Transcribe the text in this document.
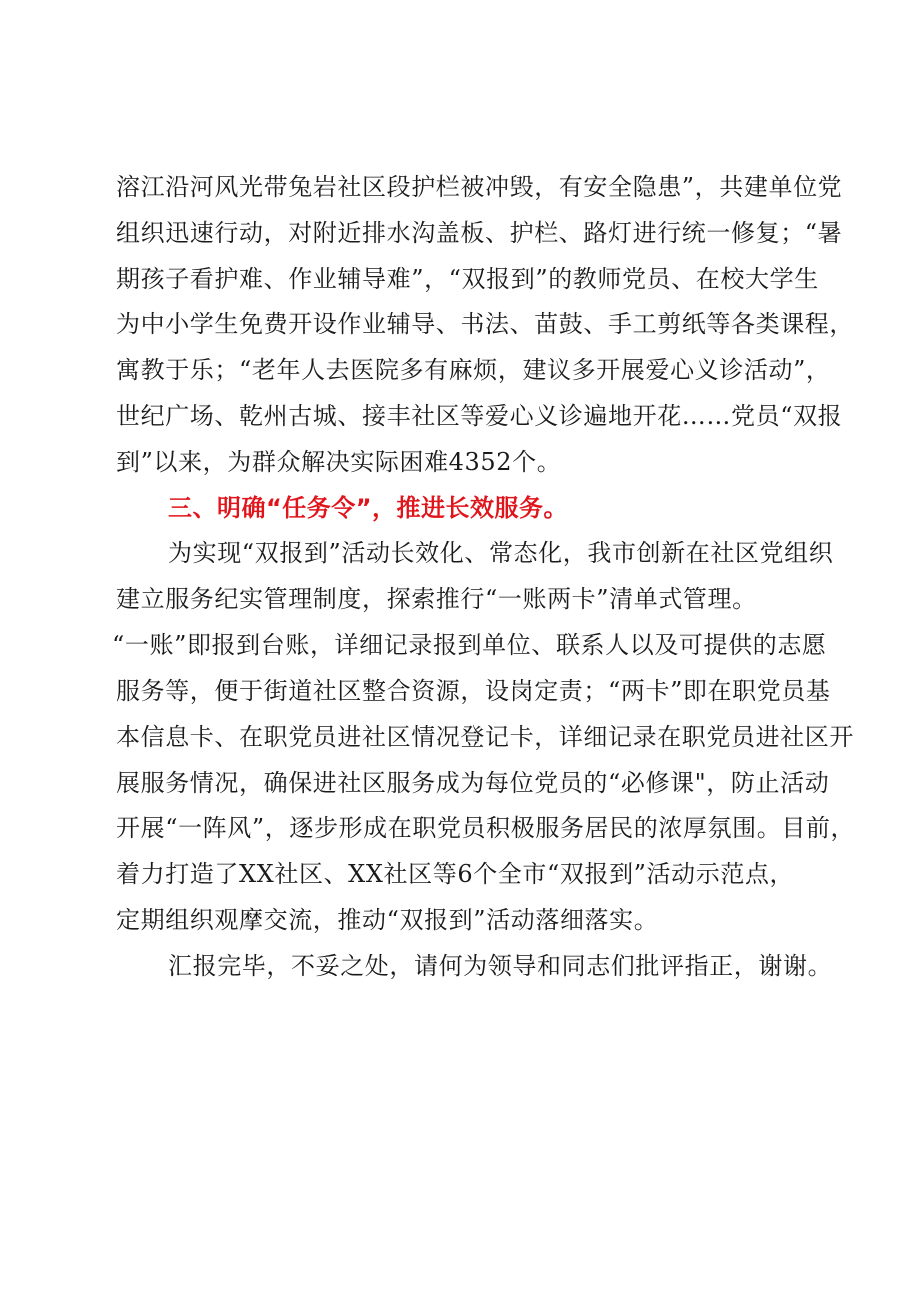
溶江沿河风光带兔岩社区段护栏被冲毁，有安全隐患”，共建单位党
组织迅速行动，对附近排水沟盖板、护栏、路灯进行统一修复；“暑
期孩子看护难、作业辅导难”，“双报到”的教师党员、在校大学生
为中小学生免费开设作业辅导、书法、苗鼓、手工剪纸等各类课程，
寓教于乐；“老年人去医院多有麻烦，建议多开展爱心义诊活动”，
世纪广场、乾州古城、接丰社区等爱心义诊遍地开花……党员“双报
到”以来，为群众解决实际困难4352个。
三、明确“任务令”，推进长效服务。
为实现“双报到”活动长效化、常态化，我市创新在社区党组织
建立服务纪实管理制度，探索推行“一账两卡”清单式管理。
“一账”即报到台账，详细记录报到单位、联系人以及可提供的志愿
服务等，便于街道社区整合资源，设岗定责；“两卡”即在职党员基
本信息卡、在职党员进社区情况登记卡，详细记录在职党员进社区开
展服务情况，确保进社区服务成为每位党员的“必修课"，防止活动
开展“一阵风”，逐步形成在职党员积极服务居民的浓厚氛围。目前，
着力打造了XX社区、XX社区等6个全市“双报到”活动示范点，
定期组织观摩交流，推动“双报到”活动落细落实。
汇报完毕，不妥之处，请何为领导和同志们批评指正，谢谢。
